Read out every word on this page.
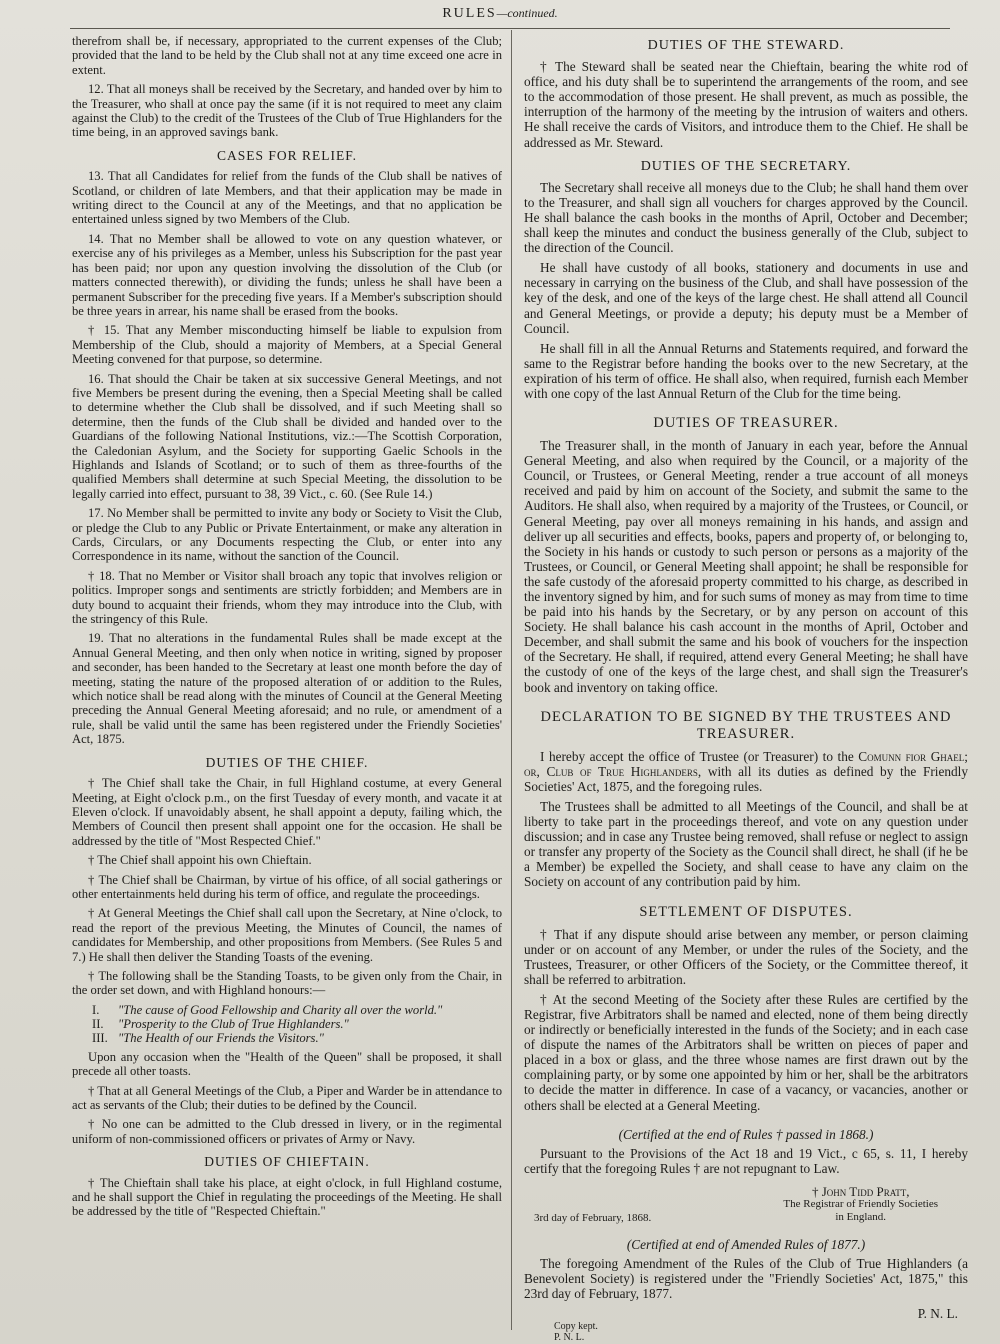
RULES—continued.

therefrom shall be, if necessary, appropriated to the current expenses of the Club; provided that the land to be held by the Club shall not at any time exceed one acre in extent.

12. That all moneys shall be received by the Secretary, and handed over by him to the Treasurer, who shall at once pay the same (if it is not required to meet any claim against the Club) to the credit of the Trustees of the Club of True Highlanders for the time being, in an approved savings bank.

CASES FOR RELIEF.

13. That all Candidates for relief from the funds of the Club shall be natives of Scotland, or children of late Members, and that their application may be made in writing direct to the Council at any of the Meetings, and that no application be entertained unless signed by two Members of the Club.

14. That no Member shall be allowed to vote on any question whatever, or exercise any of his privileges as a Member, unless his Subscription for the past year has been paid; nor upon any question involving the dissolution of the Club (or matters connected therewith), or dividing the funds; unless he shall have been a permanent Subscriber for the preceding five years. If a Member's subscription should be three years in arrear, his name shall be erased from the books.

† 15. That any Member misconducting himself be liable to expulsion from Membership of the Club, should a majority of Members, at a Special General Meeting convened for that purpose, so determine.

16. That should the Chair be taken at six successive General Meetings, and not five Members be present during the evening, then a Special Meeting shall be called to determine whether the Club shall be dissolved, and if such Meeting shall so determine, then the funds of the Club shall be divided and handed over to the Guardians of the following National Institutions, viz.:—The Scottish Corporation, the Caledonian Asylum, and the Society for supporting Gaelic Schools in the Highlands and Islands of Scotland; or to such of them as three-fourths of the qualified Members shall determine at such Special Meeting, the dissolution to be legally carried into effect, pursuant to 38, 39 Vict., c. 60. (See Rule 14.)

17. No Member shall be permitted to invite any body or Society to Visit the Club, or pledge the Club to any Public or Private Entertainment, or make any alteration in Cards, Circulars, or any Documents respecting the Club, or enter into any Correspondence in its name, without the sanction of the Council.

† 18. That no Member or Visitor shall broach any topic that involves religion or politics. Improper songs and sentiments are strictly forbidden; and Members are in duty bound to acquaint their friends, whom they may introduce into the Club, with the stringency of this Rule.

19. That no alterations in the fundamental Rules shall be made except at the Annual General Meeting, and then only when notice in writing, signed by proposer and seconder, has been handed to the Secretary at least one month before the day of meeting, stating the nature of the proposed alteration of or addition to the Rules, which notice shall be read along with the minutes of Council at the General Meeting preceding the Annual General Meeting aforesaid; and no rule, or amendment of a rule, shall be valid until the same has been registered under the Friendly Societies' Act, 1875.

DUTIES OF THE CHIEF.

† The Chief shall take the Chair, in full Highland costume, at every General Meeting, at Eight o'clock p.m., on the first Tuesday of every month, and vacate it at Eleven o'clock. If unavoidably absent, he shall appoint a deputy, failing which, the Members of Council then present shall appoint one for the occasion. He shall be addressed by the title of "Most Respected Chief."

† The Chief shall appoint his own Chieftain.

† The Chief shall be Chairman, by virtue of his office, of all social gatherings or other entertainments held during his term of office, and regulate the proceedings.

† At General Meetings the Chief shall call upon the Secretary, at Nine o'clock, to read the report of the previous Meeting, the Minutes of Council, the names of candidates for Membership, and other propositions from Members. (See Rules 5 and 7.) He shall then deliver the Standing Toasts of the evening.

† The following shall be the Standing Toasts, to be given only from the Chair, in the order set down, and with Highland honours:—

I. "The cause of Good Fellowship and Charity all over the world."
II. "Prosperity to the Club of True Highlanders."
III. "The Health of our Friends the Visitors."

Upon any occasion when the "Health of the Queen" shall be proposed, it shall precede all other toasts.

† That at all General Meetings of the Club, a Piper and Warder be in attendance to act as servants of the Club; their duties to be defined by the Council.

† No one can be admitted to the Club dressed in livery, or in the regimental uniform of non-commissioned officers or privates of Army or Navy.

DUTIES OF CHIEFTAIN.

† The Chieftain shall take his place, at eight o'clock, in full Highland costume, and he shall support the Chief in regulating the proceedings of the Meeting. He shall be addressed by the title of "Respected Chieftain."

DUTIES OF THE STEWARD.

† The Steward shall be seated near the Chieftain, bearing the white rod of office, and his duty shall be to superintend the arrangements of the room, and see to the accommodation of those present. He shall prevent, as much as possible, the interruption of the harmony of the meeting by the intrusion of waiters and others. He shall receive the cards of Visitors, and introduce them to the Chief. He shall be addressed as Mr. Steward.

DUTIES OF THE SECRETARY.

The Secretary shall receive all moneys due to the Club; he shall hand them over to the Treasurer, and shall sign all vouchers for charges approved by the Council. He shall balance the cash books in the months of April, October and December; shall keep the minutes and conduct the business generally of the Club, subject to the direction of the Council.

He shall have custody of all books, stationery and documents in use and necessary in carrying on the business of the Club, and shall have possession of the key of the desk, and one of the keys of the large chest. He shall attend all Council and General Meetings, or provide a deputy; his deputy must be a Member of Council.

He shall fill in all the Annual Returns and Statements required, and forward the same to the Registrar before handing the books over to the new Secretary, at the expiration of his term of office. He shall also, when required, furnish each Member with one copy of the last Annual Return of the Club for the time being.

DUTIES OF TREASURER.

The Treasurer shall, in the month of January in each year, before the Annual General Meeting, and also when required by the Council, or a majority of the Council, or Trustees, or General Meeting, render a true account of all moneys received and paid by him on account of the Society, and submit the same to the Auditors. He shall also, when required by a majority of the Trustees, or Council, or General Meeting, pay over all moneys remaining in his hands, and assign and deliver up all securities and effects, books, papers and property of, or belonging to, the Society in his hands or custody to such person or persons as a majority of the Trustees, or Council, or General Meeting shall appoint; he shall be responsible for the safe custody of the aforesaid property committed to his charge, as described in the inventory signed by him, and for such sums of money as may from time to time be paid into his hands by the Secretary, or by any person on account of this Society. He shall balance his cash account in the months of April, October and December, and shall submit the same and his book of vouchers for the inspection of the Secretary. He shall, if required, attend every General Meeting; he shall have the custody of one of the keys of the large chest, and shall sign the Treasurer's book and inventory on taking office.

DECLARATION TO BE SIGNED BY THE TRUSTEES AND TREASURER.

I hereby accept the office of Trustee (or Treasurer) to the Comunn fior Ghael; or, Club of True Highlanders, with all its duties as defined by the Friendly Societies' Act, 1875, and the foregoing rules.

The Trustees shall be admitted to all Meetings of the Council, and shall be at liberty to take part in the proceedings thereof, and vote on any question under discussion; and in case any Trustee being removed, shall refuse or neglect to assign or transfer any property of the Society as the Council shall direct, he shall (if he be a Member) be expelled the Society, and shall cease to have any claim on the Society on account of any contribution paid by him.

SETTLEMENT OF DISPUTES.

† That if any dispute should arise between any member, or person claiming under or on account of any Member, or under the rules of the Society, and the Trustees, Treasurer, or other Officers of the Society, or the Committee thereof, it shall be referred to arbitration.

† At the second Meeting of the Society after these Rules are certified by the Registrar, five Arbitrators shall be named and elected, none of them being directly or indirectly or beneficially interested in the funds of the Society; and in each case of dispute the names of the Arbitrators shall be written on pieces of paper and placed in a box or glass, and the three whose names are first drawn out by the complaining party, or by some one appointed by him or her, shall be the arbitrators to decide the matter in difference. In case of a vacancy, or vacancies, another or others shall be elected at a General Meeting.

(Certified at the end of Rules † passed in 1868.)

Pursuant to the Provisions of the Act 18 and 19 Vict., c 65, s. 11, I hereby certify that the foregoing Rules † are not repugnant to Law.

3rd day of February, 1868.
† John Tidd Pratt,
The Registrar of Friendly Societies
in England.
(Certified at end of Amended Rules of 1877.)

The foregoing Amendment of the Rules of the Club of True Highlanders (a Benevolent Society) is registered under the "Friendly Societies' Act, 1875," this 23rd day of February, 1877.

P. N. L.
Copy kept.
P. N. L.
